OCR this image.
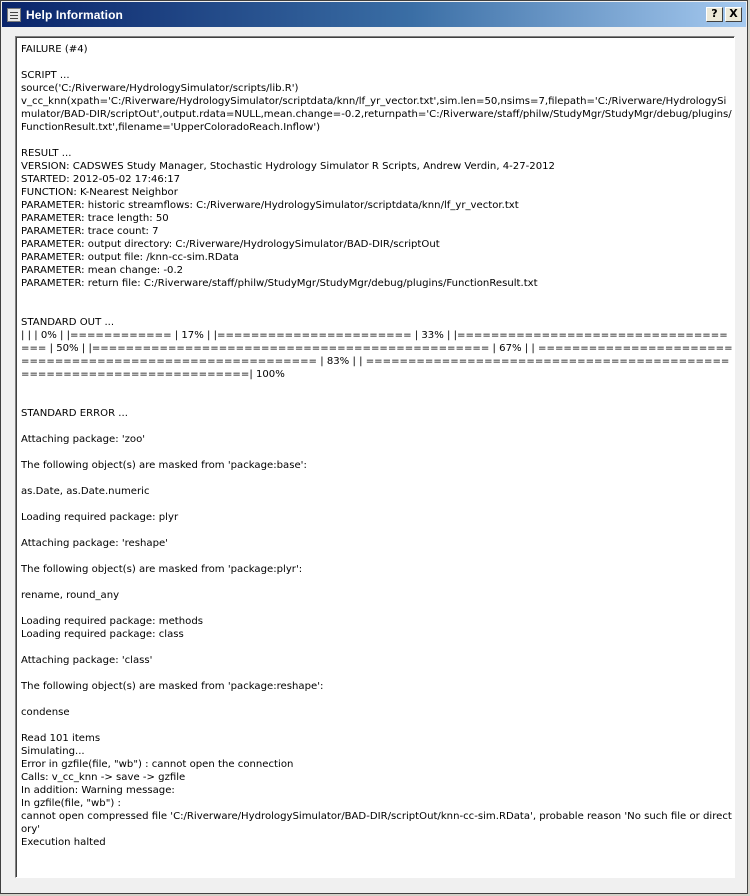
Help Information	?	X
FAILURE (#4)

SCRIPT ...
source('C:/Riverware/HydrologySimulator/scripts/lib.R')
v_cc_knn(xpath='C:/Riverware/HydrologySimulator/scriptdata/knn/lf_yr_vector.txt',sim.len=50,nsims=7,filepath='C:/Riverware/HydrologySimulator/BAD-DIR/scriptOut',output.rdata=NULL,mean.change=-0.2,returnpath='C:/Riverware/staff/philw/StudyMgr/StudyMgr/debug/plugins/FunctionResult.txt',filename='UpperColoradoReach.Inflow')

RESULT ...
VERSION: CADSWES Study Manager, Stochastic Hydrology Simulator R Scripts, Andrew Verdin, 4-27-2012
STARTED: 2012-05-02 17:46:17
FUNCTION: K-Nearest Neighbor
PARAMETER: historic streamflows: C:/Riverware/HydrologySimulator/scriptdata/knn/lf_yr_vector.txt
PARAMETER: trace length: 50
PARAMETER: trace count: 7
PARAMETER: output directory: C:/Riverware/HydrologySimulator/BAD-DIR/scriptOut
PARAMETER: output file: /knn-cc-sim.RData
PARAMETER: mean change: -0.2
PARAMETER: return file: C:/Riverware/staff/philw/StudyMgr/StudyMgr/debug/plugins/FunctionResult.txt

STANDARD OUT ...
| | | 0% | |============ | 17% | |======================= | 33% | |=================================== | 50% | |=============================================== | 67% | | ========================================================== | 83% | | ======================================================================| 100%

STANDARD ERROR ...

Attaching package: 'zoo'

The following object(s) are masked from 'package:base':

as.Date, as.Date.numeric

Loading required package: plyr

Attaching package: 'reshape'

The following object(s) are masked from 'package:plyr':

rename, round_any

Loading required package: methods
Loading required package: class

Attaching package: 'class'

The following object(s) are masked from 'package:reshape':

condense

Read 101 items
Simulating...
Error in gzfile(file, "wb") : cannot open the connection
Calls: v_cc_knn -> save -> gzfile
In addition: Warning message:
In gzfile(file, "wb") :
cannot open compressed file 'C:/Riverware/HydrologySimulator/BAD-DIR/scriptOut/knn-cc-sim.RData', probable reason 'No such file or directory'
Execution halted
